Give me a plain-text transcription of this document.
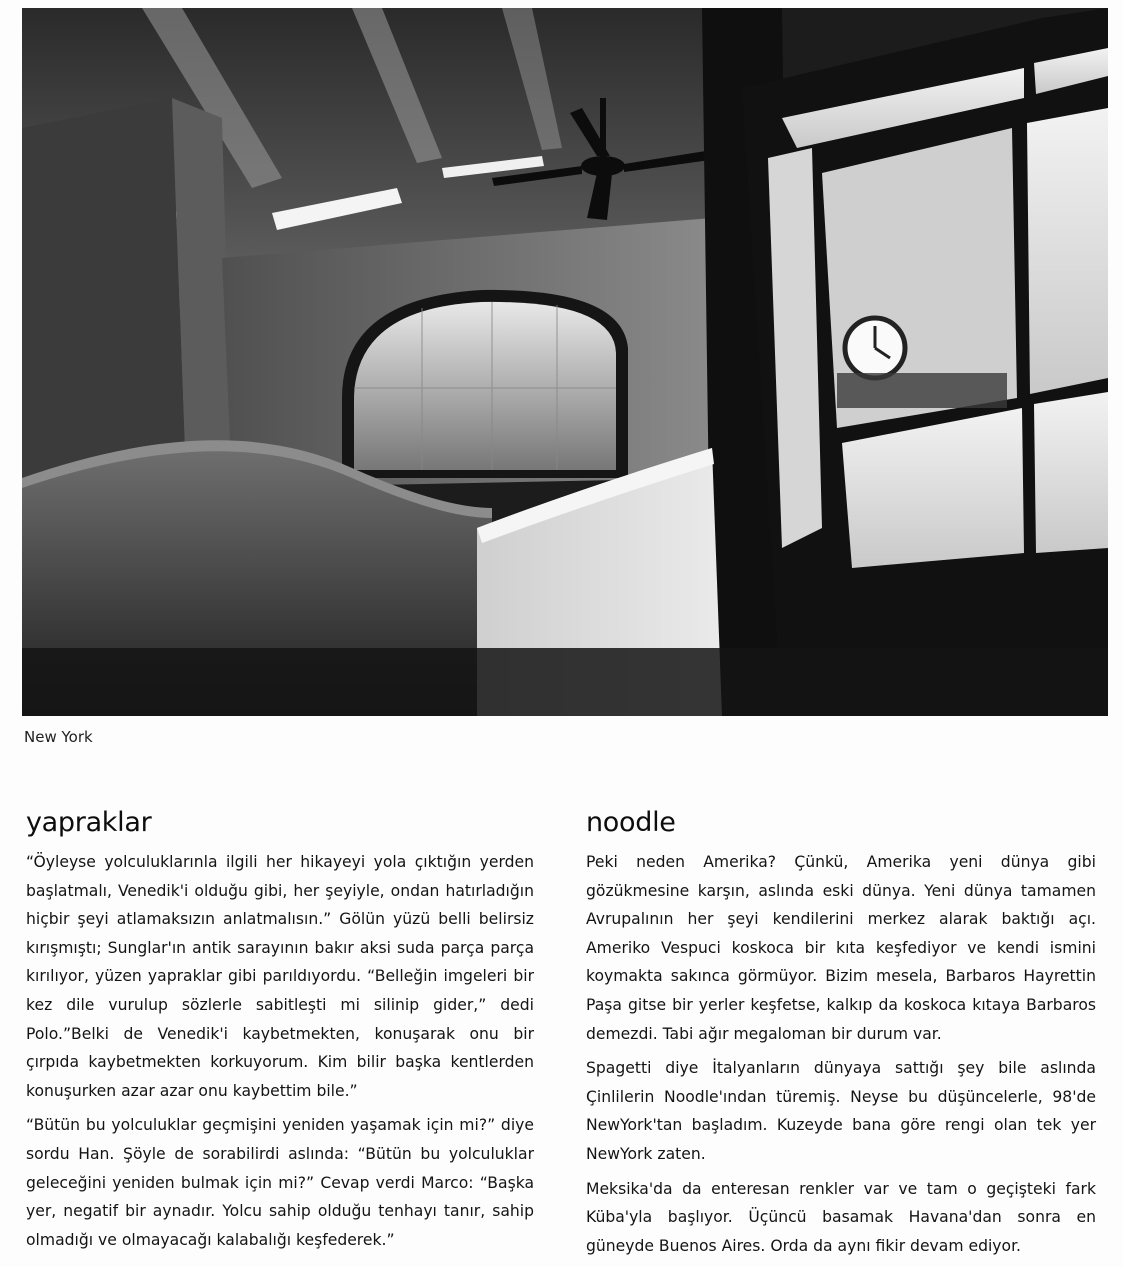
New York
yapraklar

“Öyleyse yolculuklarınla ilgili her hikayeyi yola çıktığın yerden başlatmalı, Venedik'i olduğu gibi, her şeyiyle, ondan hatırladığın hiçbir şeyi atlamaksızın anlatmalısın.” Gölün yüzü belli belirsiz kırışmıştı; Sunglar'ın antik sarayının bakır aksi suda parça parça kırılıyor, yüzen yapraklar gibi parıldıyordu. “Belleğin imgeleri bir kez dile vurulup sözlerle sabitleşti mi silinip gider,” dedi Polo.”Belki de Venedik'i kaybetmekten, konuşarak onu bir çırpıda kaybetmekten korkuyorum. Kim bilir başka kentlerden konuşurken azar azar onu kaybettim bile.”

“Bütün bu yolculuklar geçmişini yeniden yaşamak için mi?” diye sordu Han. Şöyle de sorabilirdi aslında: “Bütün bu yolculuklar geleceğini yeniden bulmak için mi?” Cevap verdi Marco: “Başka yer, negatif bir aynadır. Yolcu sahip olduğu tenhayı tanır, sahip olmadığı ve olmayacağı kalabalığı keşfederek.”

noodle

Peki neden Amerika? Çünkü, Amerika yeni dünya gibi gözükmesine karşın, aslında eski dünya. Yeni dünya tamamen Avrupalının her şeyi kendilerini merkez alarak baktığı açı. Ameriko Vespuci koskoca bir kıta keşfediyor ve kendi ismini koymakta sakınca görmüyor. Bizim mesela, Barbaros Hayrettin Paşa gitse bir yerler keşfetse, kalkıp da koskoca kıtaya Barbaros demezdi. Tabi ağır megaloman bir durum var.

Spagetti diye İtalyanların dünyaya sattığı şey bile aslında Çinlilerin Noodle'ından türemiş. Neyse bu düşüncelerle, 98'de NewYork'tan başladım. Kuzeyde bana göre rengi olan tek yer NewYork zaten.

Meksika'da da enteresan renkler var ve tam o geçişteki fark Küba'yla başlıyor. Üçüncü basamak Havana'dan sonra en güneyde Buenos Aires. Orda da aynı fikir devam ediyor.
